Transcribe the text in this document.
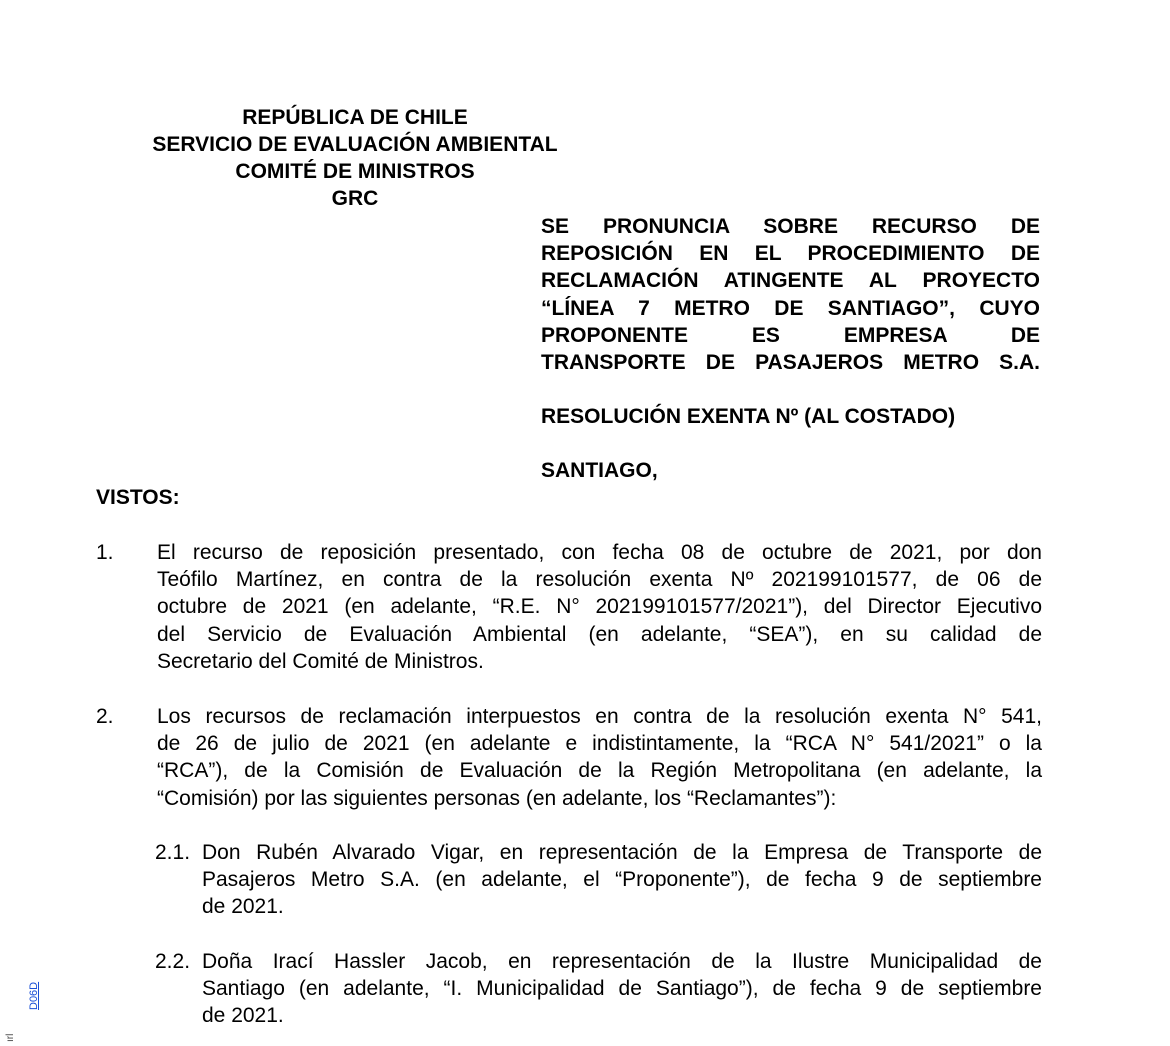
REPÚBLICA DE CHILE
SERVICIO DE EVALUACIÓN AMBIENTAL
COMITÉ DE MINISTROS
GRC
SE PRONUNCIA SOBRE RECURSO DE
REPOSICIÓN EN EL PROCEDIMIENTO DE
RECLAMACIÓN ATINGENTE AL PROYECTO
“LÍNEA 7 METRO DE SANTIAGO”, CUYO
PROPONENTE ES EMPRESA DE
TRANSPORTE DE PASAJEROS METRO S.A.
RESOLUCIÓN EXENTA Nº (AL COSTADO)
SANTIAGO,
VISTOS:
1. El recurso de reposición presentado, con fecha 08 de octubre de 2021, por don
Teófilo Martínez, en contra de la resolución exenta Nº 202199101577, de 06 de
octubre de 2021 (en adelante, “R.E. N° 202199101577/2021”), del Director Ejecutivo
del Servicio de Evaluación Ambiental (en adelante, “SEA”), en su calidad de
Secretario del Comité de Ministros.
2. Los recursos de reclamación interpuestos en contra de la resolución exenta N° 541,
de 26 de julio de 2021 (en adelante e indistintamente, la “RCA N° 541/2021” o la
“RCA”), de la Comisión de Evaluación de la Región Metropolitana (en adelante, la
“Comisión) por las siguientes personas (en adelante, los “Reclamantes”):
2.1. Don Rubén Alvarado Vigar, en representación de la Empresa de Transporte de
Pasajeros Metro S.A. (en adelante, el “Proponente”), de fecha 9 de septiembre
de 2021.
2.2. Doña Irací Hassler Jacob, en representación de la Ilustre Municipalidad de
Santiago (en adelante, “I. Municipalidad de Santiago”), de fecha 9 de septiembre
de 2021.
D06D
ırl
